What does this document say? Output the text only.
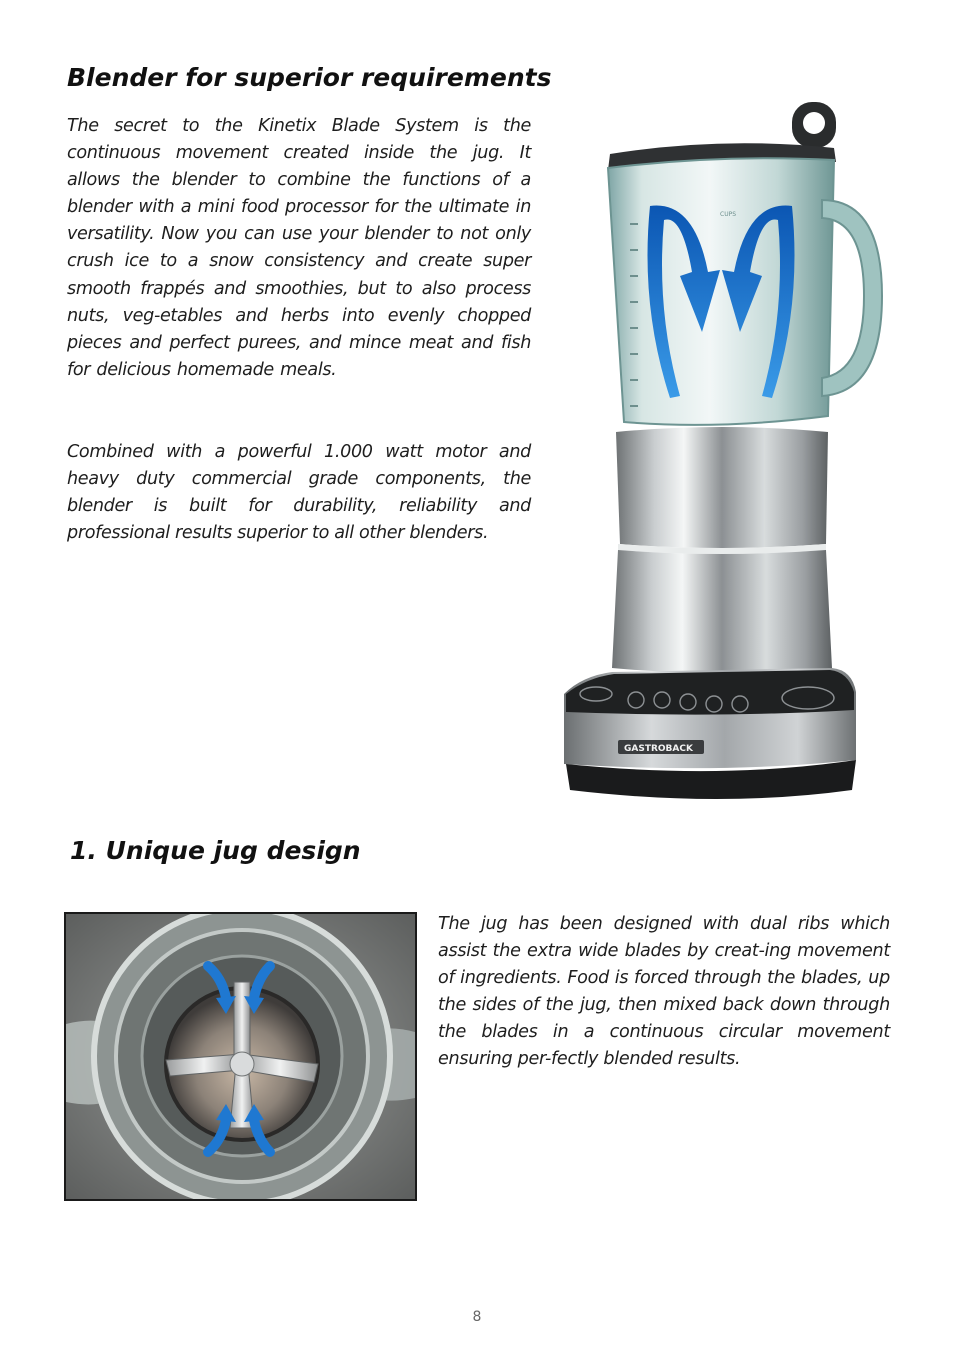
Blender for superior requirements

The secret to the Kinetix Blade System is the continuous movement created inside the jug. It allows the blender to combine the functions of a blender with a mini food processor for the ultimate in versatility. Now you can use your blender to not only crush ice to a snow consistency and create super smooth frappés and smoothies, but to also process nuts, veg-etables and herbs into evenly chopped pieces and perfect purees, and mince meat and fish for delicious homemade meals.

Combined with a powerful 1.000 watt motor and heavy duty commercial grade components, the blender is built for durability, reliability and professional results superior to all other blenders.

CUPS
GASTROBACK
1. Unique jug design

The jug has been designed with dual ribs which assist the extra wide blades by creat-ing movement of ingredients. Food is forced through the blades, up the sides of the jug, then mixed back down through the blades in a continuous circular movement ensuring per-fectly blended results.

8
